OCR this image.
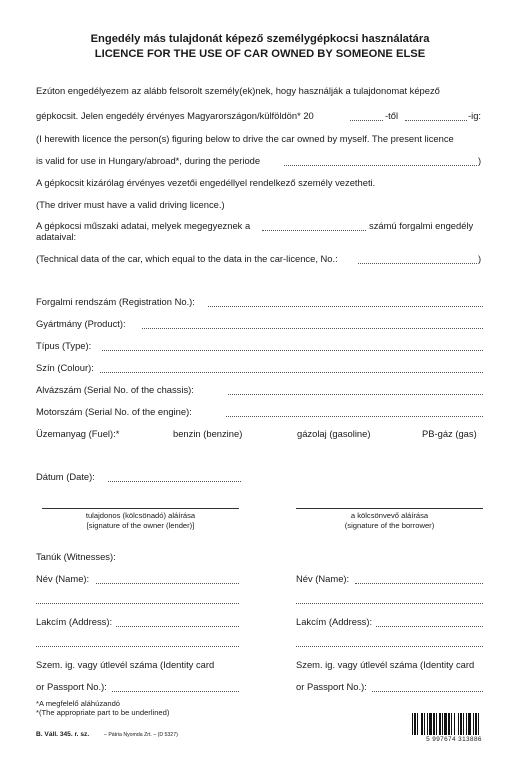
Engedély más tulajdonát képező személygépkocsi használatára
LICENCE FOR THE USE OF CAR OWNED BY SOMEONE ELSE
Ezúton engedélyezem az alább felsorolt személy(ek)nek, hogy használják a tulajdonomat képező
gépkocsit. Jelen engedély érvényes Magyarországon/külföldön* 20	-től	-ig:
(I herewith licence the person(s) figuring below to drive the car owned by myself. The present licence
is valid for use in Hungary/abroad*, during the periode	)
A gépkocsit kizárólag érvényes vezetői engedéllyel rendelkező személy vezetheti.
(The driver must have a valid driving licence.)
A gépkocsi műszaki adatai, melyek megegyeznek a	számú forgalmi engedély
adataival:
(Technical data of the car, which equal to the data in the car-licence, No.:	)
Forgalmi rendszám (Registration No.):
Gyártmány (Product):
Típus (Type):
Szín (Colour):
Alvázszám (Serial No. of the chassis):
Motorszám (Serial No. of the engine):
Üzemanyag (Fuel):*	benzin (benzine)	gázolaj (gasoline)	PB-gáz (gas)
Dátum (Date):
tulajdonos (kölcsönadó) aláírása
[signature of the owner (lender)]
a kölcsönvevő aláírása
(signature of the borrower)
Tanúk (Witnesses):
Név (Name):	Név (Name):
Lakcím (Address):	Lakcím (Address):
Szem. ig. vagy útlevél száma (Identity card
or Passport No.):
Szem. ig. vagy útlevél száma (Identity card
or Passport No.):
*A megfelelő aláhúzandó
*(The appropriate part to be underlined)
B. Váll. 345. r. sz.	– Pátria Nyomda Zrt. – (D 5327)
5 997674 313886
